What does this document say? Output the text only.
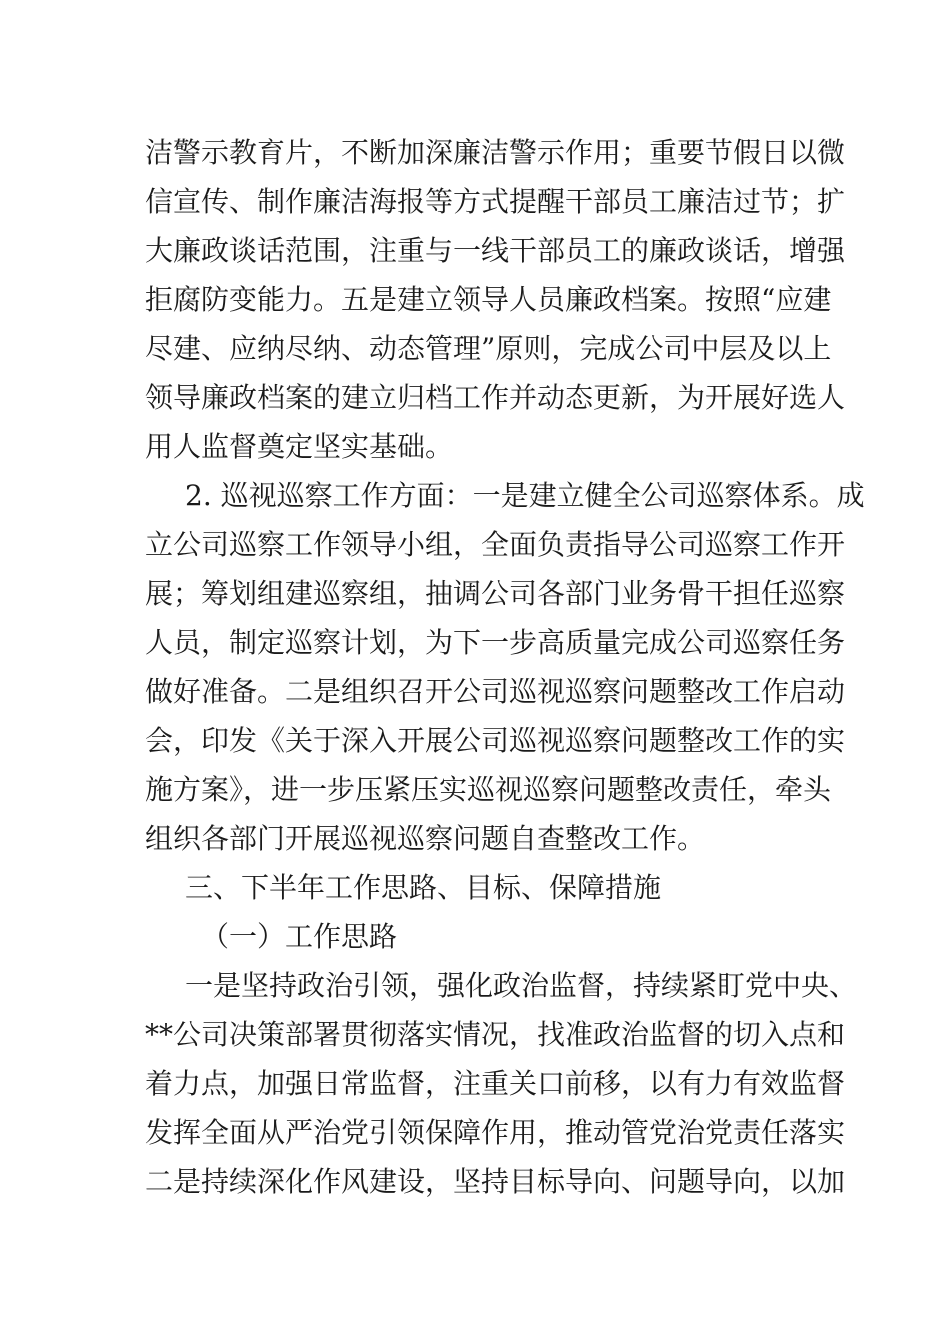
洁警示教育片，不断加深廉洁警示作用；重要节假日以微
信宣传、制作廉洁海报等方式提醒干部员工廉洁过节；扩
大廉政谈话范围，注重与一线干部员工的廉政谈话，增强
拒腐防变能力。五是建立领导人员廉政档案。按照“应建
尽建、应纳尽纳、动态管理”原则，完成公司中层及以上
领导廉政档案的建立归档工作并动态更新，为开展好选人
用人监督奠定坚实基础。
2. 巡视巡察工作方面：一是建立健全公司巡察体系。成
立公司巡察工作领导小组，全面负责指导公司巡察工作开
展；筹划组建巡察组，抽调公司各部门业务骨干担任巡察
人员，制定巡察计划，为下一步高质量完成公司巡察任务
做好准备。二是组织召开公司巡视巡察问题整改工作启动
会，印发《关于深入开展公司巡视巡察问题整改工作的实
施方案》，进一步压紧压实巡视巡察问题整改责任，牵头
组织各部门开展巡视巡察问题自查整改工作。
三、下半年工作思路、目标、保障措施
（一）工作思路
一是坚持政治引领，强化政治监督，持续紧盯党中央、
**公司决策部署贯彻落实情况，找准政治监督的切入点和
着力点，加强日常监督，注重关口前移，以有力有效监督
发挥全面从严治党引领保障作用，推动管党治党责任落实
二是持续深化作风建设，坚持目标导向、问题导向，以加
